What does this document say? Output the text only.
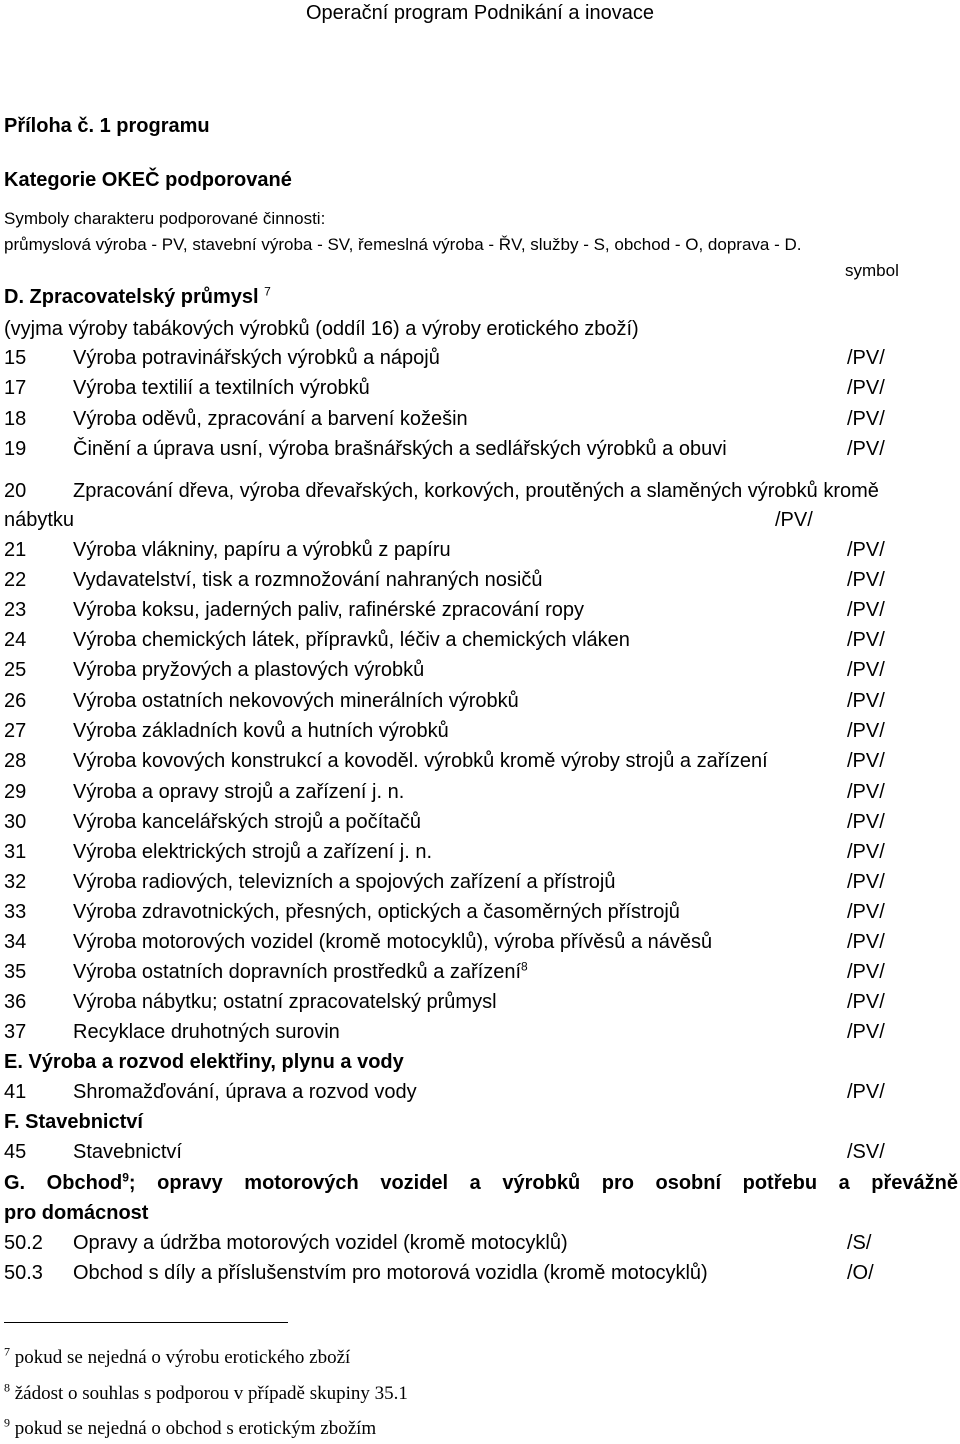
Operační program Podnikání a inovace
Příloha č. 1 programu
Kategorie OKEČ podporované
Symboly charakteru podporované činnosti:
průmyslová výroba - PV, stavební výroba - SV, řemeslná výroba - ŘV, služby - S, obchod - O, doprava - D.
symbol
D. Zpracovatelský průmysl $^7$
(vyjma výroby tabákových výrobků (oddíl 16) a výroby erotického zboží)
15 Výroba potravinářských výrobků a nápojů	/PV/
17 Výroba textilií a textilních výrobků	/PV/
18 Výroba oděvů, zpracování a barvení kožešin	/PV/
19 Činění a úprava usní, výroba brašnářských a sedlářských výrobků a obuvi	/PV/
20 Zpracování dřeva, výroba dřevařských, korkových, proutěných a slaměných výrobků kromě
nábytku	/PV/
21 Výroba vlákniny, papíru a výrobků z papíru	/PV/
22 Vydavatelství, tisk a rozmnožování nahraných nosičů	/PV/
23 Výroba koksu, jaderných paliv, rafinérské zpracování ropy	/PV/
24 Výroba chemických látek, přípravků, léčiv a chemických vláken	/PV/
25 Výroba pryžových a plastových výrobků	/PV/
26 Výroba ostatních nekovových minerálních výrobků	/PV/
27 Výroba základních kovů a hutních výrobků	/PV/
28 Výroba kovových konstrukcí a kovoděl. výrobků kromě výroby strojů a zařízení	/PV/
29 Výroba a opravy strojů a zařízení j. n.	/PV/
30 Výroba kancelářských strojů a počítačů	/PV/
31 Výroba elektrických strojů a zařízení j. n.	/PV/
32 Výroba radiových, televizních a spojových zařízení a přístrojů	/PV/
33 Výroba zdravotnických, přesných, optických a časoměrných přístrojů	/PV/
34 Výroba motorových vozidel (kromě motocyklů), výroba přívěsů a návěsů	/PV/
35 Výroba ostatních dopravních prostředků a zařízení$^8$	/PV/
36 Výroba nábytku; ostatní zpracovatelský průmysl	/PV/
37 Recyklace druhotných surovin	/PV/
E. Výroba a rozvod elektřiny, plynu a vody
41 Shromažďování, úprava a rozvod vody	/PV/
F. Stavebnictví
45 Stavebnictví	/SV/
G. Obchod$^9$; opravy motorových vozidel a výrobků pro osobní potřebu a převážně
pro domácnost
50.2 Opravy a údržba motorových vozidel (kromě motocyklů)	/S/
50.3 Obchod s díly a příslušenstvím pro motorová vozidla (kromě motocyklů)	/O/
$^7$ pokud se nejedná o výrobu erotického zboží
$^8$ žádost o souhlas s podporou v případě skupiny 35.1
$^9$ pokud se nejedná o obchod s erotickým zbožím
